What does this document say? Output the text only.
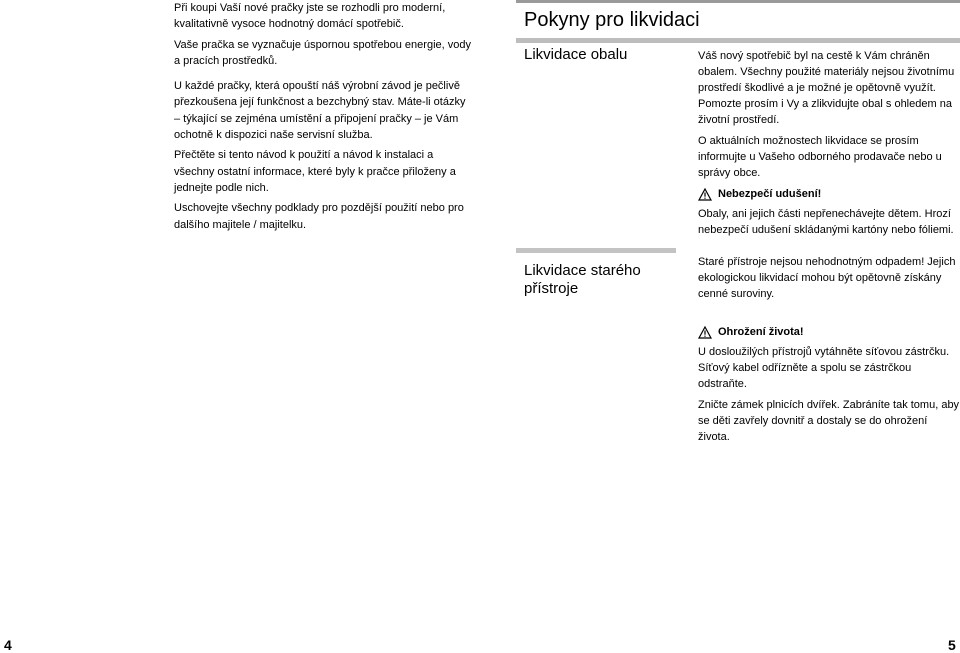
Při koupi Vaší nové pračky jste se rozhodli pro moderní, kvalitativně vysoce hodnotný domácí spotřebič.

Vaše pračka se vyznačuje úspornou spotřebou energie, vody a pracích prostředků.

U každé pračky, která opouští náš výrobní závod je pečlivě přezkoušena její funkčnost a bezchybný stav. Máte-li otázky – týkající se zejména umístění a připojení pračky – je Vám ochotně k dispozici naše servisní služba.

Přečtěte si tento návod k použití a návod k instalaci a všechny ostatní informace, které byly k pračce přiloženy a jednejte podle nich.

Uschovejte všechny podklady pro pozdější použití nebo pro dalšího majitele / majitelku.

Pokyny pro likvidaci
Likvidace obalu	Váš nový spotřebič byl na cestě k Vám chráněn obalem. Všechny použité materiály nejsou životnímu prostředí škodlivé a je možné je opětovně využít. Pomozte prosím i Vy a zlikvidujte obal s ohledem na životní prostředí.

O aktuálních možnostech likvidace se prosím informujte u Vašeho odborného prodavače nebo u správy obce.

Nebezpečí udušení!

Obaly, ani jejich části nepřenechávejte dětem. Hrozí nebezpečí udušení skládanými kartóny nebo fóliemi.

Likvidace starého přístroje

Staré přístroje nejsou nehodnotným odpadem! Jejich ekologickou likvidací mohou být opětovně získány cenné suroviny.

Ohrožení života!

U dosloužilých přístrojů vytáhněte síťovou zástrčku. Síťový kabel odřízněte a spolu se zástrčkou odstraňte.

Zničte zámek plnicích dvířek. Zabráníte tak tomu, aby se děti zavřely dovnitř a dostaly se do ohrožení života.

4	5
